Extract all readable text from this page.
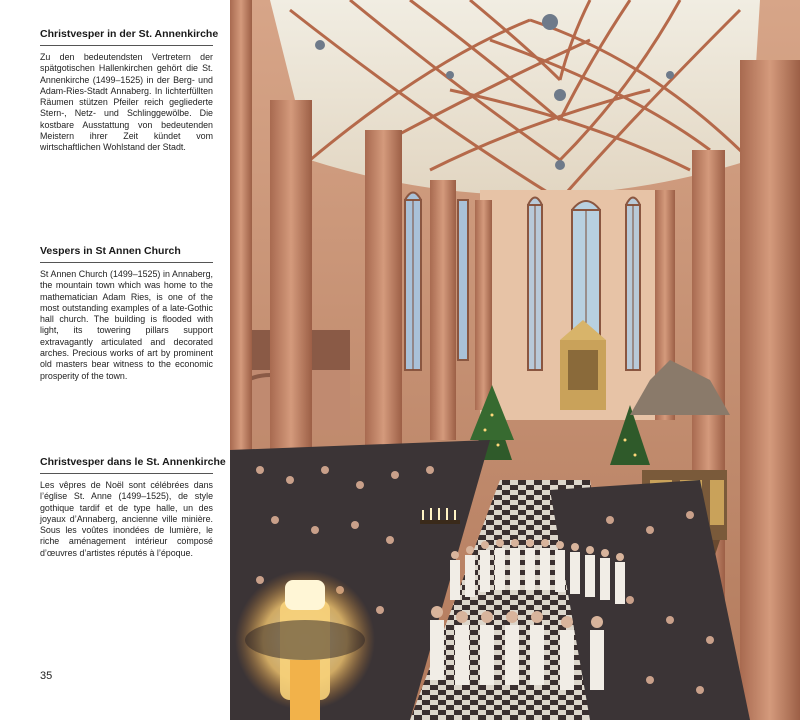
Christvesper in der St. Annenkirche

Zu den bedeutendsten Vertretern der spätgotischen Hallenkirchen gehört die St. Annenkirche (1499–1525) in der Berg- und Adam-Ries-Stadt Annaberg. In lichterfüllten Räumen stützen Pfeiler reich gegliederte Stern-, Netz- und Schlinggewölbe. Die kostbare Ausstattung von bedeutenden Meistern ihrer Zeit kündet vom wirtschaftlichen Wohlstand der Stadt.

Vespers in St Annen Church

St Annen Church (1499–1525) in Annaberg, the mountain town which was home to the mathematician Adam Ries, is one of the most outstanding examples of a late-Gothic hall church. The building is flooded with light, its towering pillars support extravagantly articulated and decorated arches. Precious works of art by prominent old masters bear witness to the economic prosperity of the town.

Christvesper dans le St. Annenkirche

Les vêpres de Noël sont célébrées dans l’église St. Anne (1499–1525), de style gothique tardif et de type halle, un des joyaux d’Annaberg, ancienne ville minière. Sous les voûtes inondées de lumière, le riche aménagement intérieur composé d’œuvres d’artistes réputés à l’époque.

35
